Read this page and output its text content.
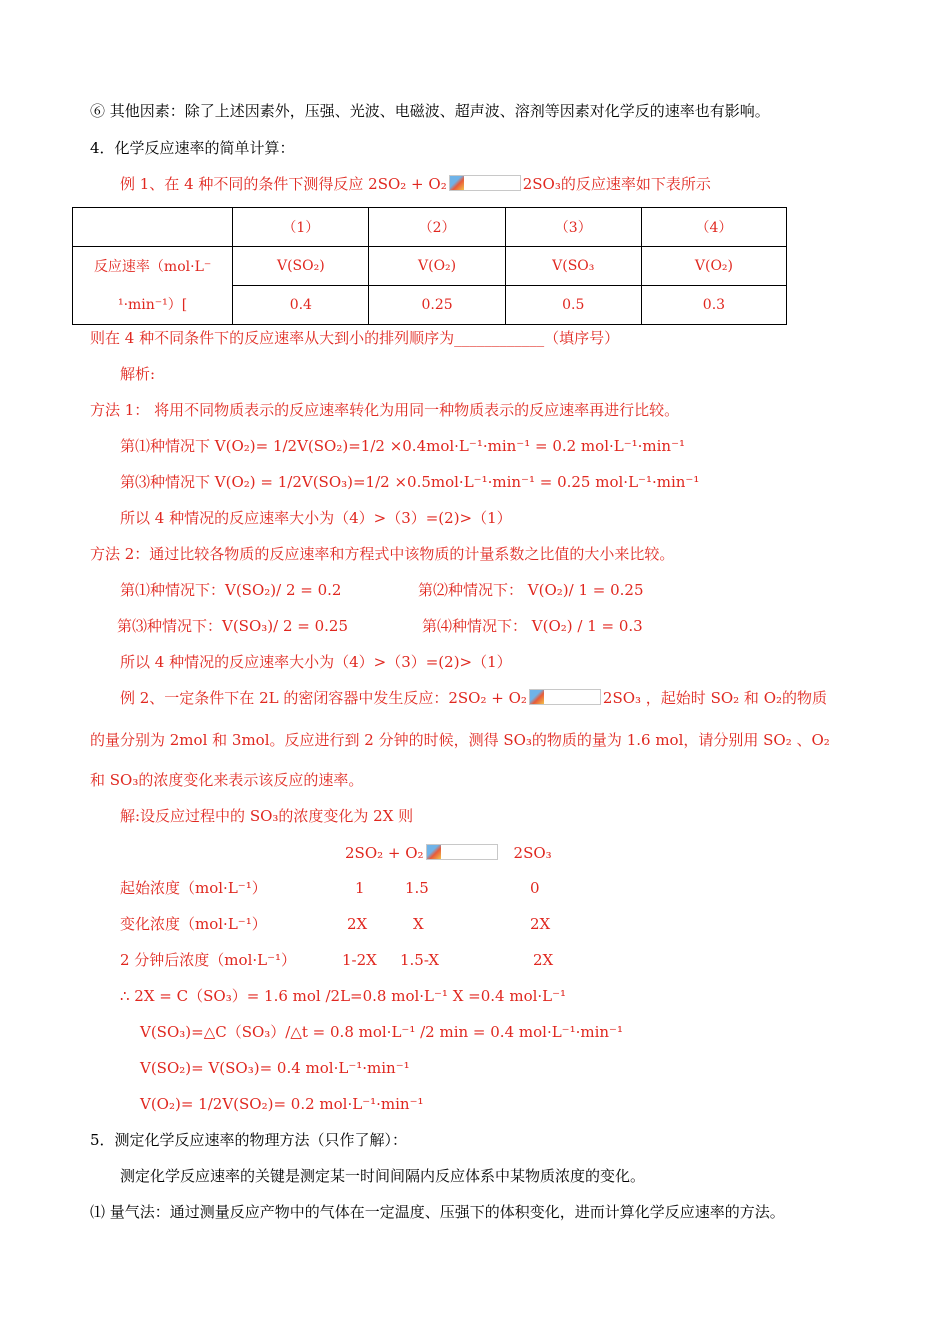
⑥ 其他因素：除了上述因素外，压强、光波、电磁波、超声波、溶剂等因素对化学反的速率也有影响。
4．化学反应速率的简单计算：
例 1、在 4 种不同的条件下测得反应 2SO₂ + O₂	2SO₃的反应速率如下表所示
	（1）	（2）	（3）	（4）

反应速率（mol·L⁻
¹·min⁻¹）[	V(SO₂)	V(O₂)	V(SO₃	V(O₂)
	0.4	0.25	0.5	0.3
则在 4 种不同条件下的反应速率从大到小的排列顺序为____________（填序号）
解析:
方法 1： 将用不同物质表示的反应速率转化为用同一种物质表示的反应速率再进行比较。
第⑴种情况下 V(O₂)= 1/2V(SO₂)=1/2 ×0.4mol·L⁻¹·min⁻¹ = 0.2 mol·L⁻¹·min⁻¹
第⑶种情况下 V(O₂) = 1/2V(SO₃)=1/2 ×0.5mol·L⁻¹·min⁻¹ = 0.25 mol·L⁻¹·min⁻¹
所以 4 种情况的反应速率大小为（4）>（3）=(2)>（1）
方法 2：通过比较各物质的反应速率和方程式中该物质的计量系数之比值的大小来比较。
第⑴种情况下：V(SO₂)/ 2 = 0.2	第⑵种情况下： V(O₂)/ 1 = 0.25
第⑶种情况下：V(SO₃)/ 2 = 0.25	第⑷种情况下： V(O₂) / 1 = 0.3
所以 4 种情况的反应速率大小为（4）>（3）=(2)>（1）
例 2、一定条件下在 2L 的密闭容器中发生反应：2SO₂ + O₂	2SO₃ ，起始时 SO₂ 和 O₂的物质
的量分别为 2mol 和 3mol。反应进行到 2 分钟的时候，测得 SO₃的物质的量为 1.6 mol，请分别用 SO₂ 、O₂
和 SO₃的浓度变化来表示该反应的速率。
解:设反应过程中的 SO₃的浓度变化为 2X 则
2SO₂ + O₂	2SO₃
起始浓度（mol·L⁻¹）	1	1.5	0
变化浓度（mol·L⁻¹）	2X	X	2X
2 分钟后浓度（mol·L⁻¹）	1-2X 1.5-X	2X
∴ 2X = C（SO₃）= 1.6 mol /2L=0.8 mol·L⁻¹ X =0.4 mol·L⁻¹
V(SO₃)=△C（SO₃）/△t = 0.8 mol·L⁻¹ /2 min = 0.4 mol·L⁻¹·min⁻¹
V(SO₂)= V(SO₃)= 0.4 mol·L⁻¹·min⁻¹
V(O₂)= 1/2V(SO₂)= 0.2 mol·L⁻¹·min⁻¹
5．测定化学反应速率的物理方法（只作了解）：
测定化学反应速率的关键是测定某一时间间隔内反应体系中某物质浓度的变化。
⑴ 量气法：通过测量反应产物中的气体在一定温度、压强下的体积变化，进而计算化学反应速率的方法。
